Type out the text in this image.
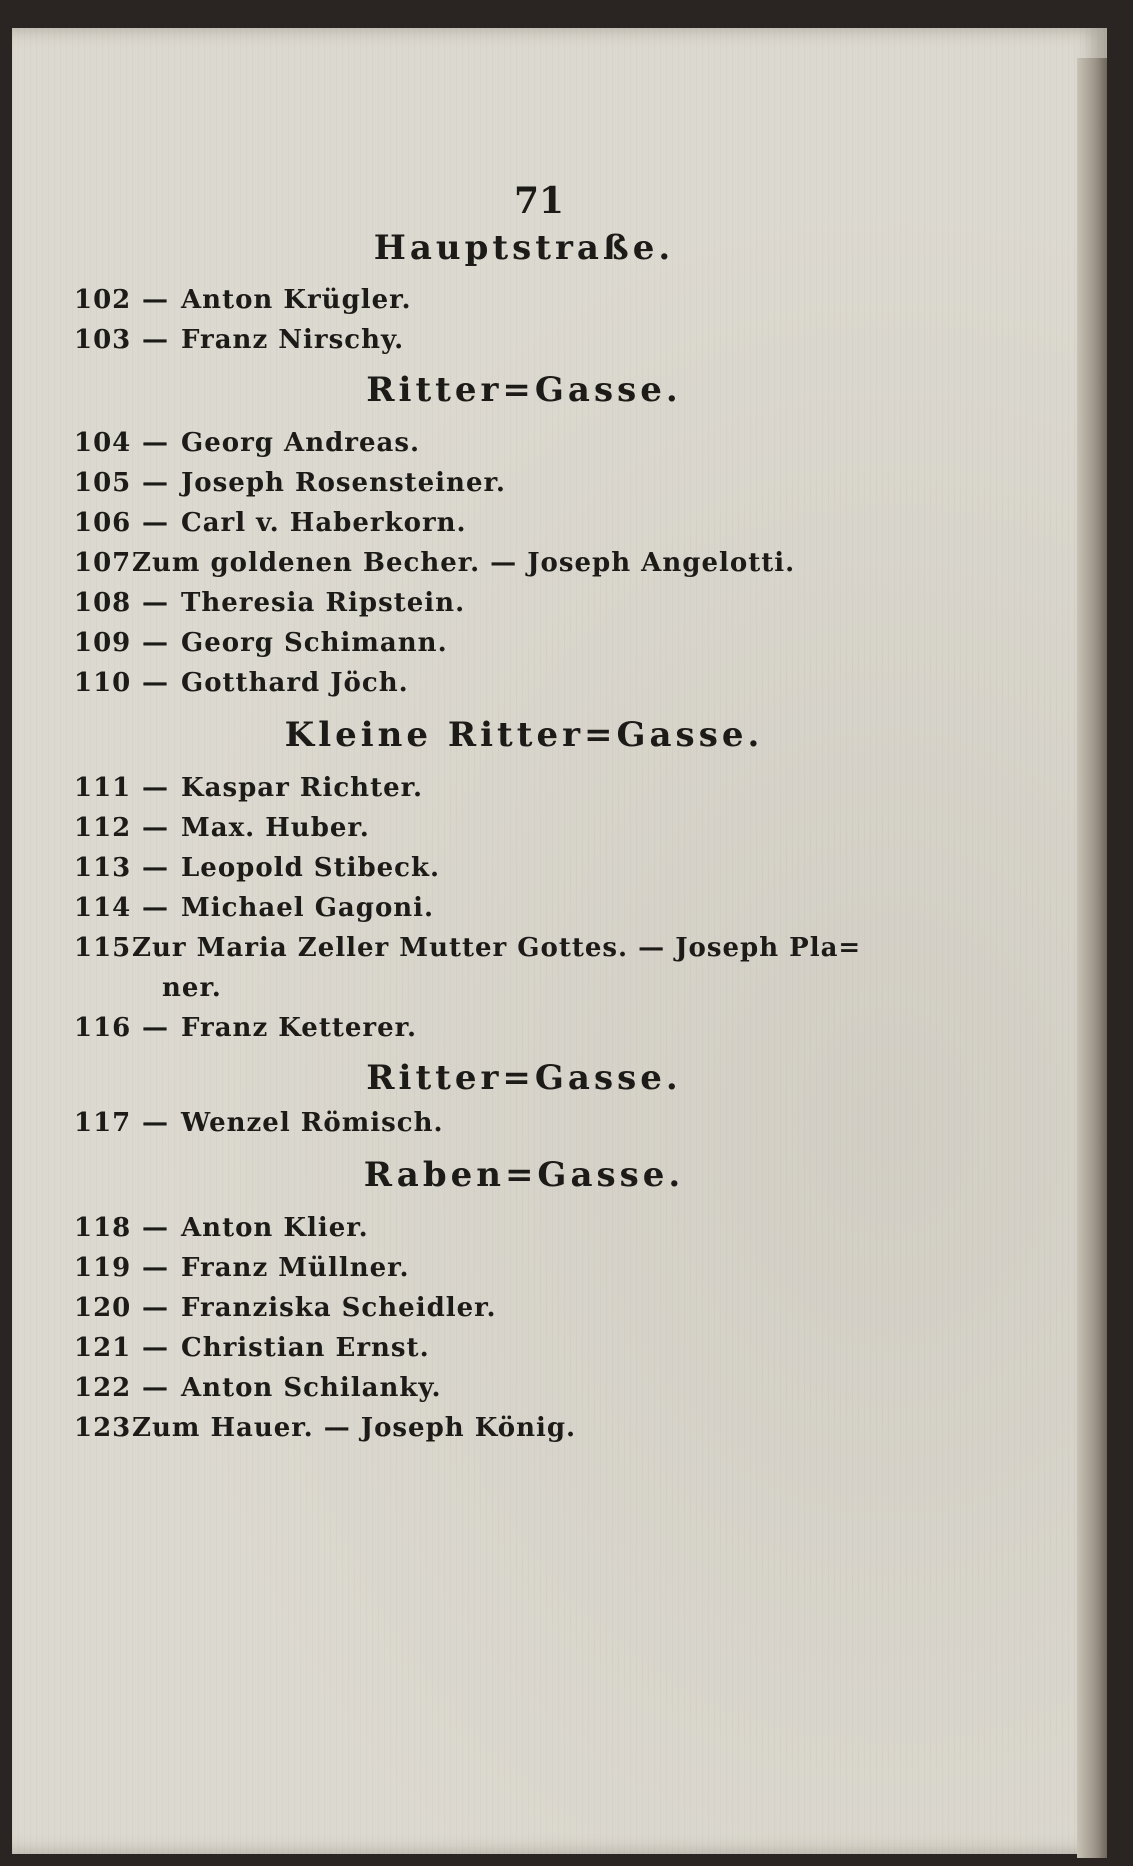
71
Hauptstraße.
102 — Anton Krügler.
103 — Franz Nirschy.
Ritter=Gasse.
104 — Georg Andreas.
105 — Joseph Rosensteiner.
106 — Carl v. Haberkorn.
107Zum goldenen Becher. — Joseph Angelotti.
108 — Theresia Ripstein.
109 — Georg Schimann.
110 — Gotthard Jöch.
Kleine Ritter=Gasse.
111 — Kaspar Richter.
112 — Max. Huber.
113 — Leopold Stibeck.
114 — Michael Gagoni.
115Zur Maria Zeller Mutter Gottes. — Joseph Pla=
ner.
116 — Franz Ketterer.
Ritter=Gasse.
117 — Wenzel Römisch.
Raben=Gasse.
118 — Anton Klier.
119 — Franz Müllner.
120 — Franziska Scheidler.
121 — Christian Ernst.
122 — Anton Schilanky.
123Zum Hauer. — Joseph König.
